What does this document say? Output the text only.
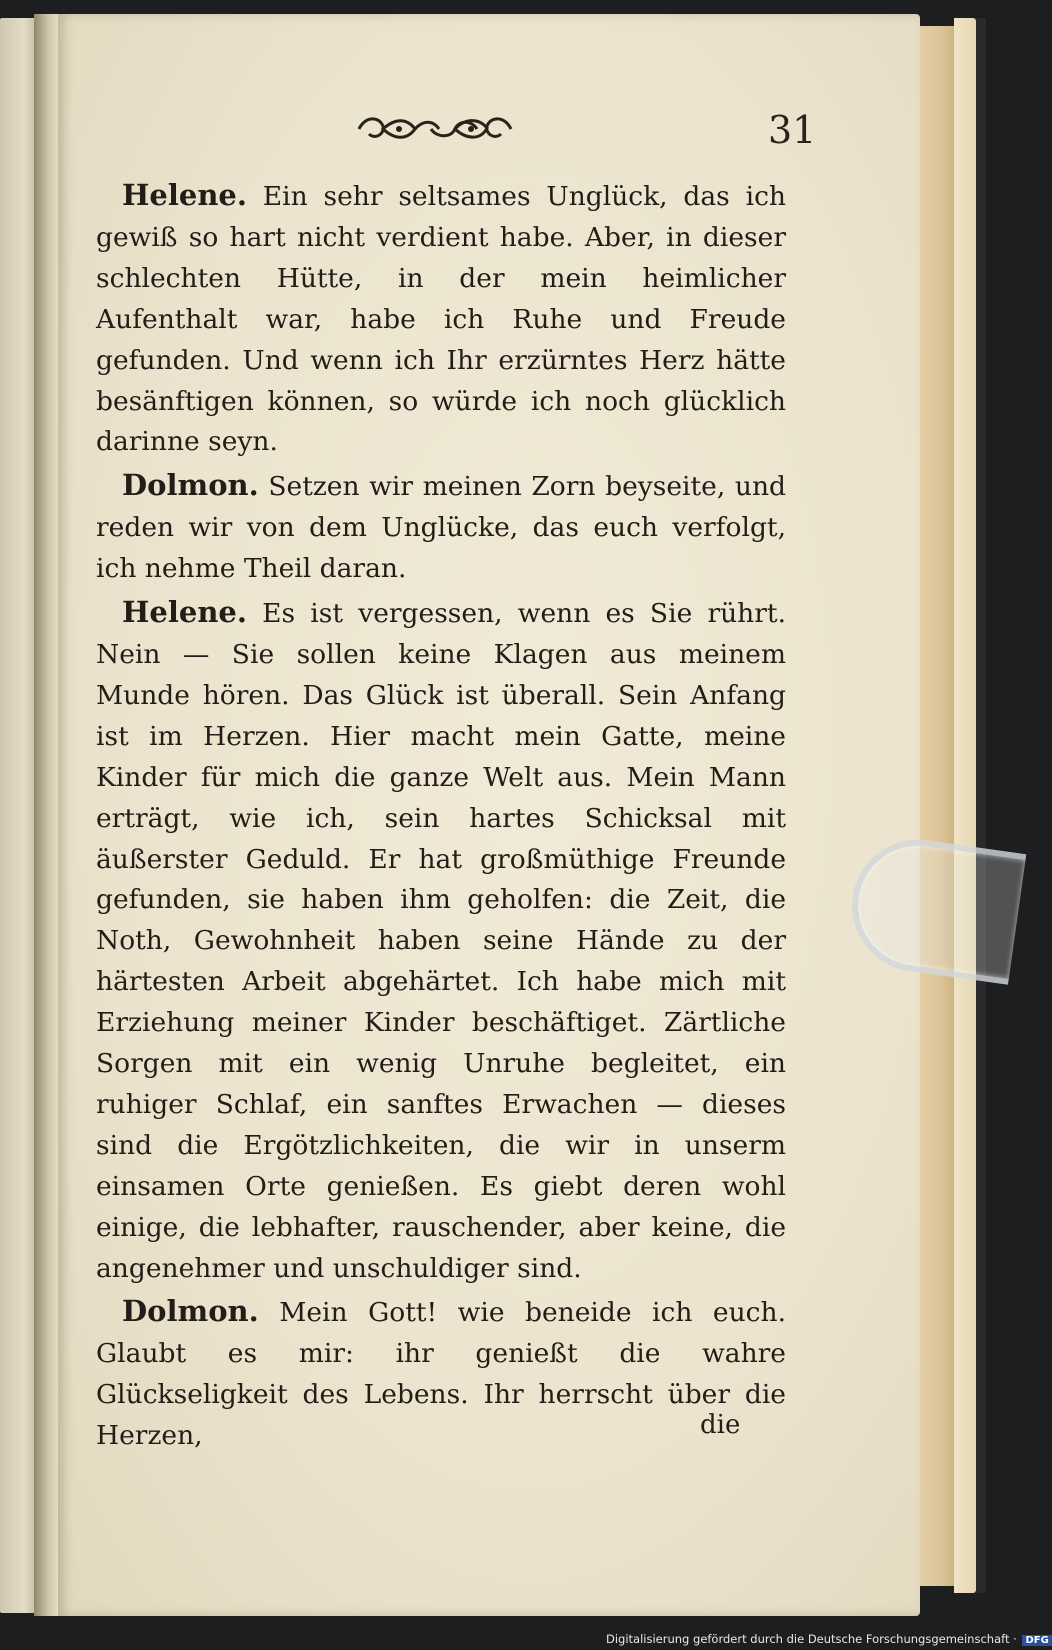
31

Helene. Ein sehr seltsames Unglück, das ich gewiß so hart nicht verdient habe. Aber, in dieser schlechten Hütte, in der mein heimlicher Aufenthalt war, habe ich Ruhe und Freude gefunden. Und wenn ich Ihr erzürntes Herz hätte besänftigen können, so würde ich noch glücklich darinne seyn.

Dolmon. Setzen wir meinen Zorn beyseite, und reden wir von dem Unglücke, das euch verfolgt, ich nehme Theil daran.

Helene. Es ist vergessen, wenn es Sie rührt. Nein — Sie sollen keine Klagen aus meinem Munde hören. Das Glück ist überall. Sein Anfang ist im Herzen. Hier macht mein Gatte, meine Kinder für mich die ganze Welt aus. Mein Mann erträgt, wie ich, sein hartes Schicksal mit äußerster Geduld. Er hat großmüthige Freunde gefunden, sie haben ihm geholfen: die Zeit, die Noth, Gewohnheit haben seine Hände zu der härtesten Arbeit abgehärtet. Ich habe mich mit Erziehung meiner Kinder beschäftiget. Zärtliche Sorgen mit ein wenig Unruhe begleitet, ein ruhiger Schlaf, ein sanftes Erwachen — dieses sind die Ergötzlichkeiten, die wir in unserm einsamen Orte genießen. Es giebt deren wohl einige, die lebhafter, rauschender, aber keine, die angenehmer und unschuldiger sind.

Dolmon. Mein Gott! wie beneide ich euch. Glaubt es mir: ihr genießt die wahre Glückseligkeit des Lebens. Ihr herrscht über die Herzen,	die
Digitalisierung gefördert durch die Deutsche Forschungsgemeinschaft · DFG
